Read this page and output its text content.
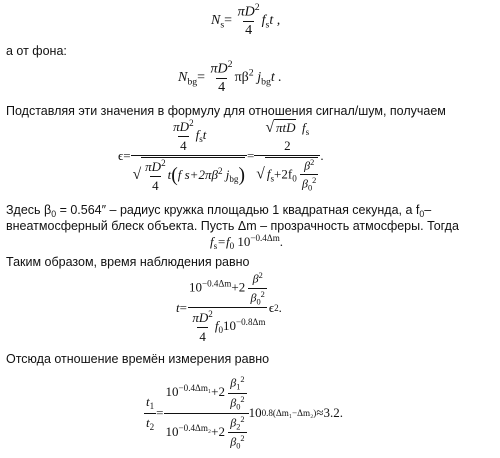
$N_s= \frac{\pi D^2}{4} f_st$ ,
а от фона:
$N_{bg}= \frac{\pi D^2}{4} \pi\beta^2$ $j_{bg}t$ .
Подставляя эти значения в формулу для отношения сигнал/шум, получаем
$\epsilon = \frac{\frac{\pi D^2}{4} f_st}{√ \frac{\pi D^2}{4} t(f s+2\pi\beta^2 j_{bg})}$ = √ πtD $f_s$
2
√ $f_s+2f_0 \frac{\beta^2}{\beta_0^2}$ .
Здесь $\beta_0 = 0.564''$ – радиус кружка площадью 1 квадратная секунда, а $f_0-$
внеатмосферный блеск объекта. Пусть Δm – прозрачность атмосферы. Тогда
$f_s=f_0$ $10^{-0.4\Delta m}$.
Таким образом, время наблюдения равно
$t = \frac{10^{-0.4\Delta m}+2 \frac{\beta^2}{\beta_0^2}}{\frac{\pi D^2}{4} f_010^{-0.8\Delta m}}$ ϵ 2 .
Отсюда отношение времён измерения равно
$\frac{t_1}{t_2} = \frac{10^{-0.4\Delta m_1}+2 \frac{\beta_1^2}{\beta_0^2}}{10^{-0.4\Delta m_2}+2 \frac{\beta_2^2}{\beta_0^2}} 10$ 0.8(Δm₁−Δm₂) ≈3.2.
